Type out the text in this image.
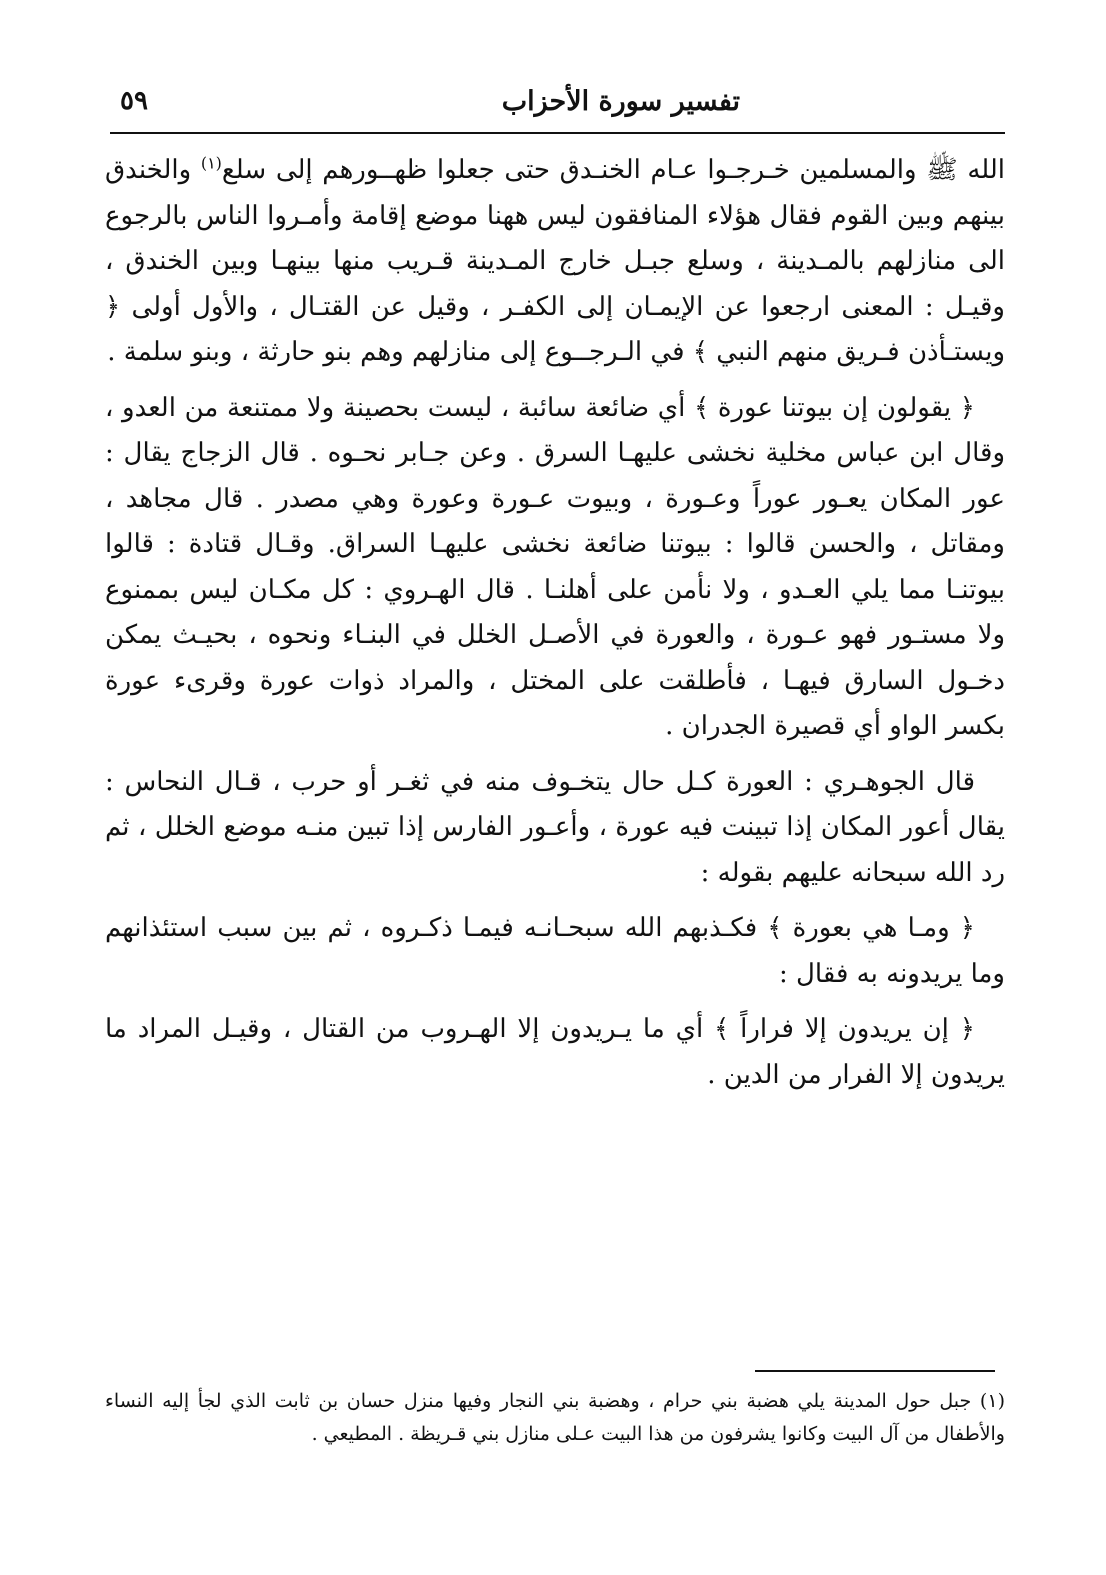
تفسير سورة الأحزاب
٥٩

الله ﷺ والمسلمين خـرجـوا عـام الخنـدق حتى جعلوا ظهــورهم إلى سلع$^{(١)}$ والخندق بينهم وبين القوم فقال هؤلاء المنافقون ليس ههنا موضع إقامة وأمـروا الناس بالرجوع الى منازلهم بالمـدينة ، وسلع جبـل خارج المـدينة قـريب منها بينهـا وبين الخندق ، وقيـل : المعنى ارجعوا عن الإيمـان إلى الكفـر ، وقيل عن القتـال ، والأول أولى ﴿ ويستـأذن فـريق منهم النبي ﴾ في الـرجــوع إلى منازلهم وهم بنو حارثة ، وبنو سلمة .

﴿ يقولون إن بيوتنا عورة ﴾ أي ضائعة سائبة ، ليست بحصينة ولا ممتنعة من العدو ، وقال ابن عباس مخلية نخشى عليهـا السرق . وعن جـابر نحـوه . قال الزجاج يقال : عور المكان يعـور عوراً وعـورة ، وبيوت عـورة وعورة وهي مصدر . قال مجاهد ، ومقاتل ، والحسن قالوا : بيوتنا ضائعة نخشى عليهـا السراق. وقـال قتادة : قالوا بيوتنـا مما يلي العـدو ، ولا نأمن على أهلنـا . قال الهـروي : كل مكـان ليس بممنوع ولا مستـور فهو عـورة ، والعورة في الأصـل الخلل في البنـاء ونحوه ، بحيـث يمكن دخـول السارق فيهـا ، فأطلقت على المختل ، والمراد ذوات عورة وقرىء عورة بكسر الواو أي قصيرة الجدران .

قال الجوهـري : العورة كـل حال يتخـوف منه في ثغـر أو حرب ، قـال النحاس : يقال أعور المكان إذا تبينت فيه عورة ، وأعـور الفارس إذا تبين منـه موضع الخلل ، ثم رد الله سبحانه عليهم بقوله :

﴿ ومـا هي بعورة ﴾ فكـذبهم الله سبحـانـه فيمـا ذكـروه ، ثم بين سبب استئذانهم وما يريدونه به فقال :

﴿ إن يريدون إلا فراراً ﴾ أي ما يـريدون إلا الهـروب من القتال ، وقيـل المراد ما يريدون إلا الفرار من الدين .

(١) جبل حول المدينة يلي هضبة بني حرام ، وهضبة بني النجار وفيها منزل حسان بن ثابت الذي لجأ إليه النساء والأطفال من آل البيت وكانوا يشرفون من هذا البيت عـلى منازل بني قـريظة . المطيعي .
